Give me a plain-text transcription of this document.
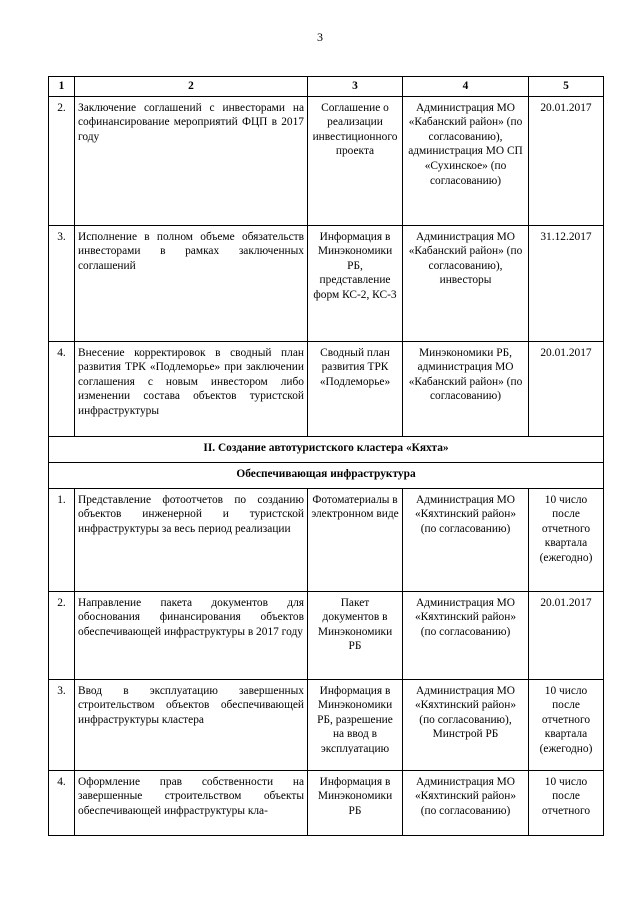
3
1	2	3	4	5
2.	Заключение соглашений с инвесторами на софинансирование мероприятий ФЦП в 2017 году	Соглашение о реализации инвестиционного проекта	Администрация МО «Кабанский район» (по согласованию), администрация МО СП «Сухинское» (по согласованию)	20.01.2017
3.	Исполнение в полном объеме обязательств инвесторами в рамках заключенных соглашений	Информация в Минэкономики РБ, представление форм КС-2, КС-3	Администрация МО «Кабанский район» (по согласованию), инвесторы	31.12.2017
4.	Внесение корректировок в сводный план развития ТРК «Подлеморье» при заключении соглашения с новым инвестором либо изменении состава объектов туристской инфраструктуры	Сводный план развития ТРК «Подлеморье»	Минэкономики РБ, администрация МО «Кабанский район» (по согласованию)	20.01.2017
II. Создание автотуристского кластера «Кяхта»				
Обеспечивающая инфраструктура				
1.	Представление фотоотчетов по созданию объектов инженерной и туристской инфраструктуры за весь период реализации	Фотоматериалы в электронном виде	Администрация МО «Кяхтинский район» (по согласованию)	10 число после отчетного квартала (ежегодно)
2.	Направление пакета документов для обоснования финансирования объектов обеспечивающей инфраструктуры в 2017 году	Пакет документов в Минэкономики РБ	Администрация МО «Кяхтинский район» (по согласованию)	20.01.2017
3.	Ввод в эксплуатацию завершенных строительством объектов обеспечивающей инфраструктуры кластера	Информация в Минэкономики РБ, разрешение на ввод в эксплуатацию	Администрация МО «Кяхтинский район» (по согласованию), Минстрой РБ	10 число после отчетного квартала (ежегодно)
4.	Оформление прав собственности на завершенные строительством объекты обеспечивающей инфраструктуры кла-	Информация в Минэкономики РБ	Администрация МО «Кяхтинский район» (по согласованию)	10 число после отчетного
